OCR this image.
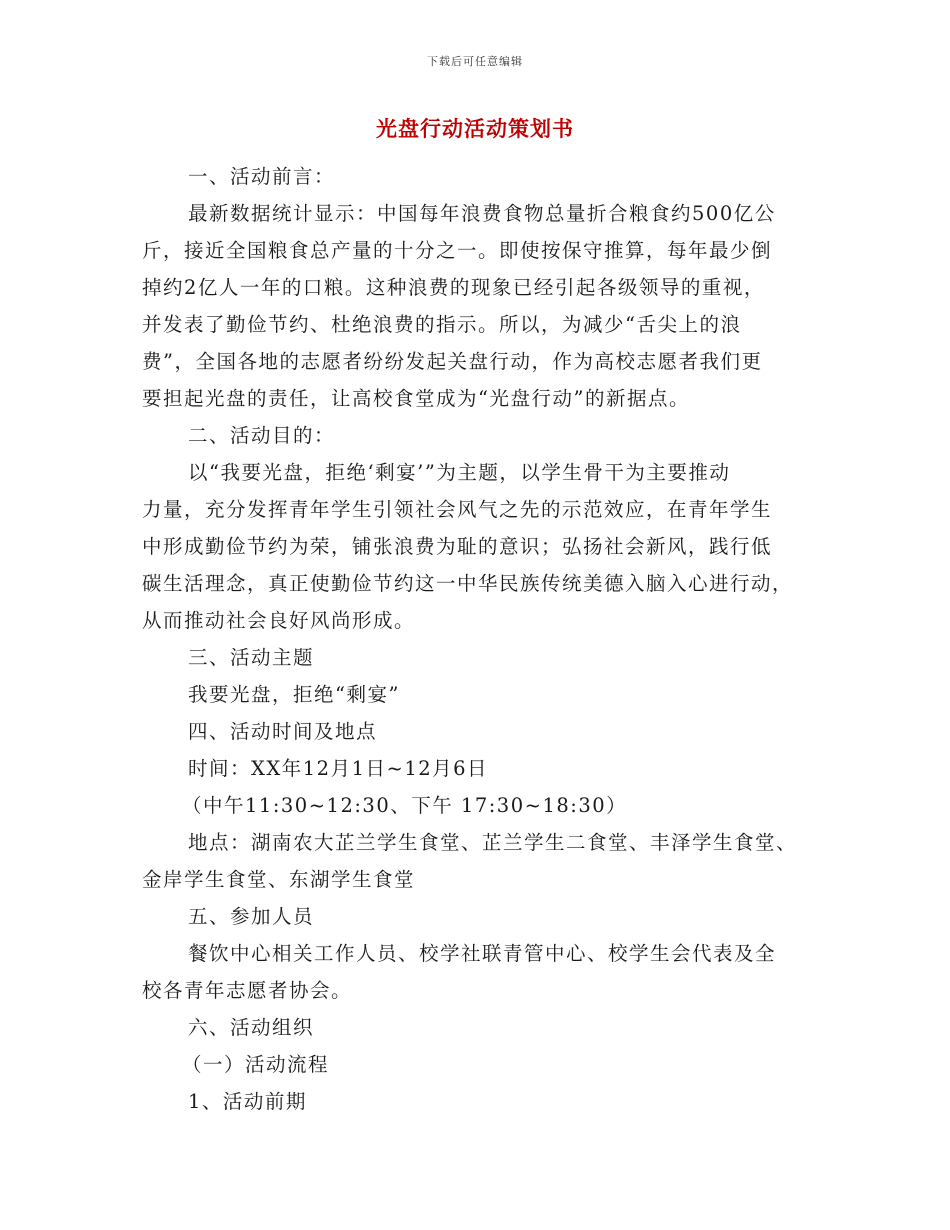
下载后可任意编辑
光盘行动活动策划书

一、活动前言：

最新数据统计显示：中国每年浪费食物总量折合粮食约500亿公

斤，接近全国粮食总产量的十分之一。即使按保守推算，每年最少倒

掉约2亿人一年的口粮。这种浪费的现象已经引起各级领导的重视，

并发表了勤俭节约、杜绝浪费的指示。所以，为减少“舌尖上的浪

费”，全国各地的志愿者纷纷发起关盘行动，作为高校志愿者我们更

要担起光盘的责任，让高校食堂成为“光盘行动”的新据点。

二、活动目的：

以“我要光盘，拒绝‘剩宴’”为主题，以学生骨干为主要推动

力量，充分发挥青年学生引领社会风气之先的示范效应，在青年学生

中形成勤俭节约为荣，铺张浪费为耻的意识；弘扬社会新风，践行低

碳生活理念，真正使勤俭节约这一中华民族传统美德入脑入心进行动，

从而推动社会良好风尚形成。

三、活动主题

我要光盘，拒绝“剩宴”

四、活动时间及地点

时间：XX年12月1日~12月6日

（中午11:30~12:30、下午 17:30~18:30）

地点：湖南农大芷兰学生食堂、芷兰学生二食堂、丰泽学生食堂、

金岸学生食堂、东湖学生食堂

五、参加人员

餐饮中心相关工作人员、校学社联青管中心、校学生会代表及全

校各青年志愿者协会。

六、活动组织

（一）活动流程

1、活动前期
